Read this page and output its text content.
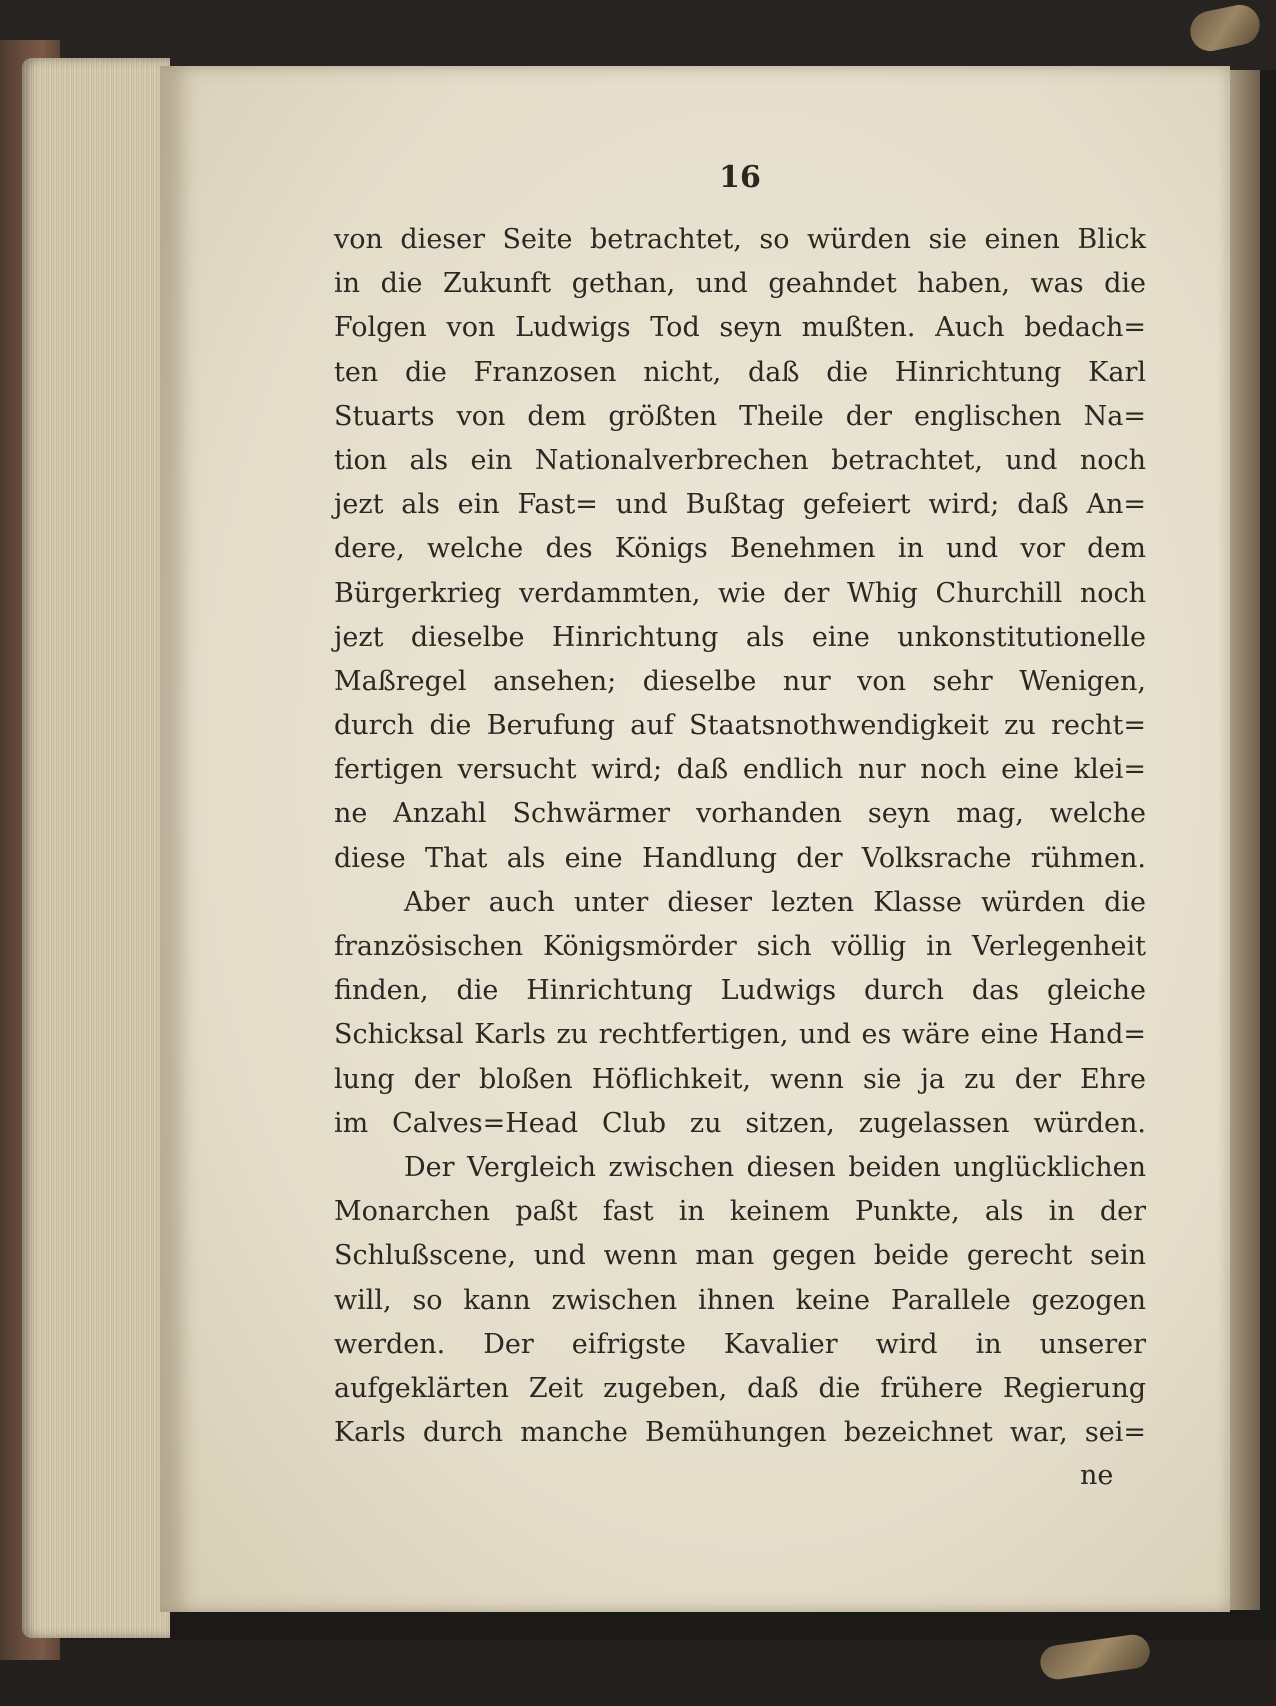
16
von dieser Seite betrachtet, so würden sie einen Blick
in die Zukunft gethan, und geahndet haben, was die
Folgen von Ludwigs Tod seyn mußten. Auch bedach=
ten die Franzosen nicht, daß die Hinrichtung Karl
Stuarts von dem größten Theile der englischen Na=
tion als ein Nationalverbrechen betrachtet, und noch
jezt als ein Fast= und Bußtag gefeiert wird; daß An=
dere, welche des Königs Benehmen in und vor dem
Bürgerkrieg verdammten, wie der Whig Churchill noch
jezt dieselbe Hinrichtung als eine unkonstitutionelle
Maßregel ansehen; dieselbe nur von sehr Wenigen,
durch die Berufung auf Staatsnothwendigkeit zu recht=
fertigen versucht wird; daß endlich nur noch eine klei=
ne Anzahl Schwärmer vorhanden seyn mag, welche
diese That als eine Handlung der Volksrache rühmen.
Aber auch unter dieser lezten Klasse würden die
französischen Königsmörder sich völlig in Verlegenheit
finden, die Hinrichtung Ludwigs durch das gleiche
Schicksal Karls zu rechtfertigen, und es wäre eine Hand=
lung der bloßen Höflichkeit, wenn sie ja zu der Ehre
im Calves=Head Club zu sitzen, zugelassen würden.
Der Vergleich zwischen diesen beiden unglücklichen
Monarchen paßt fast in keinem Punkte, als in der
Schlußscene, und wenn man gegen beide gerecht sein
will, so kann zwischen ihnen keine Parallele gezogen
werden. Der eifrigste Kavalier wird in unserer
aufgeklärten Zeit zugeben, daß die frühere Regierung
Karls durch manche Bemühungen bezeichnet war, sei=
ne
